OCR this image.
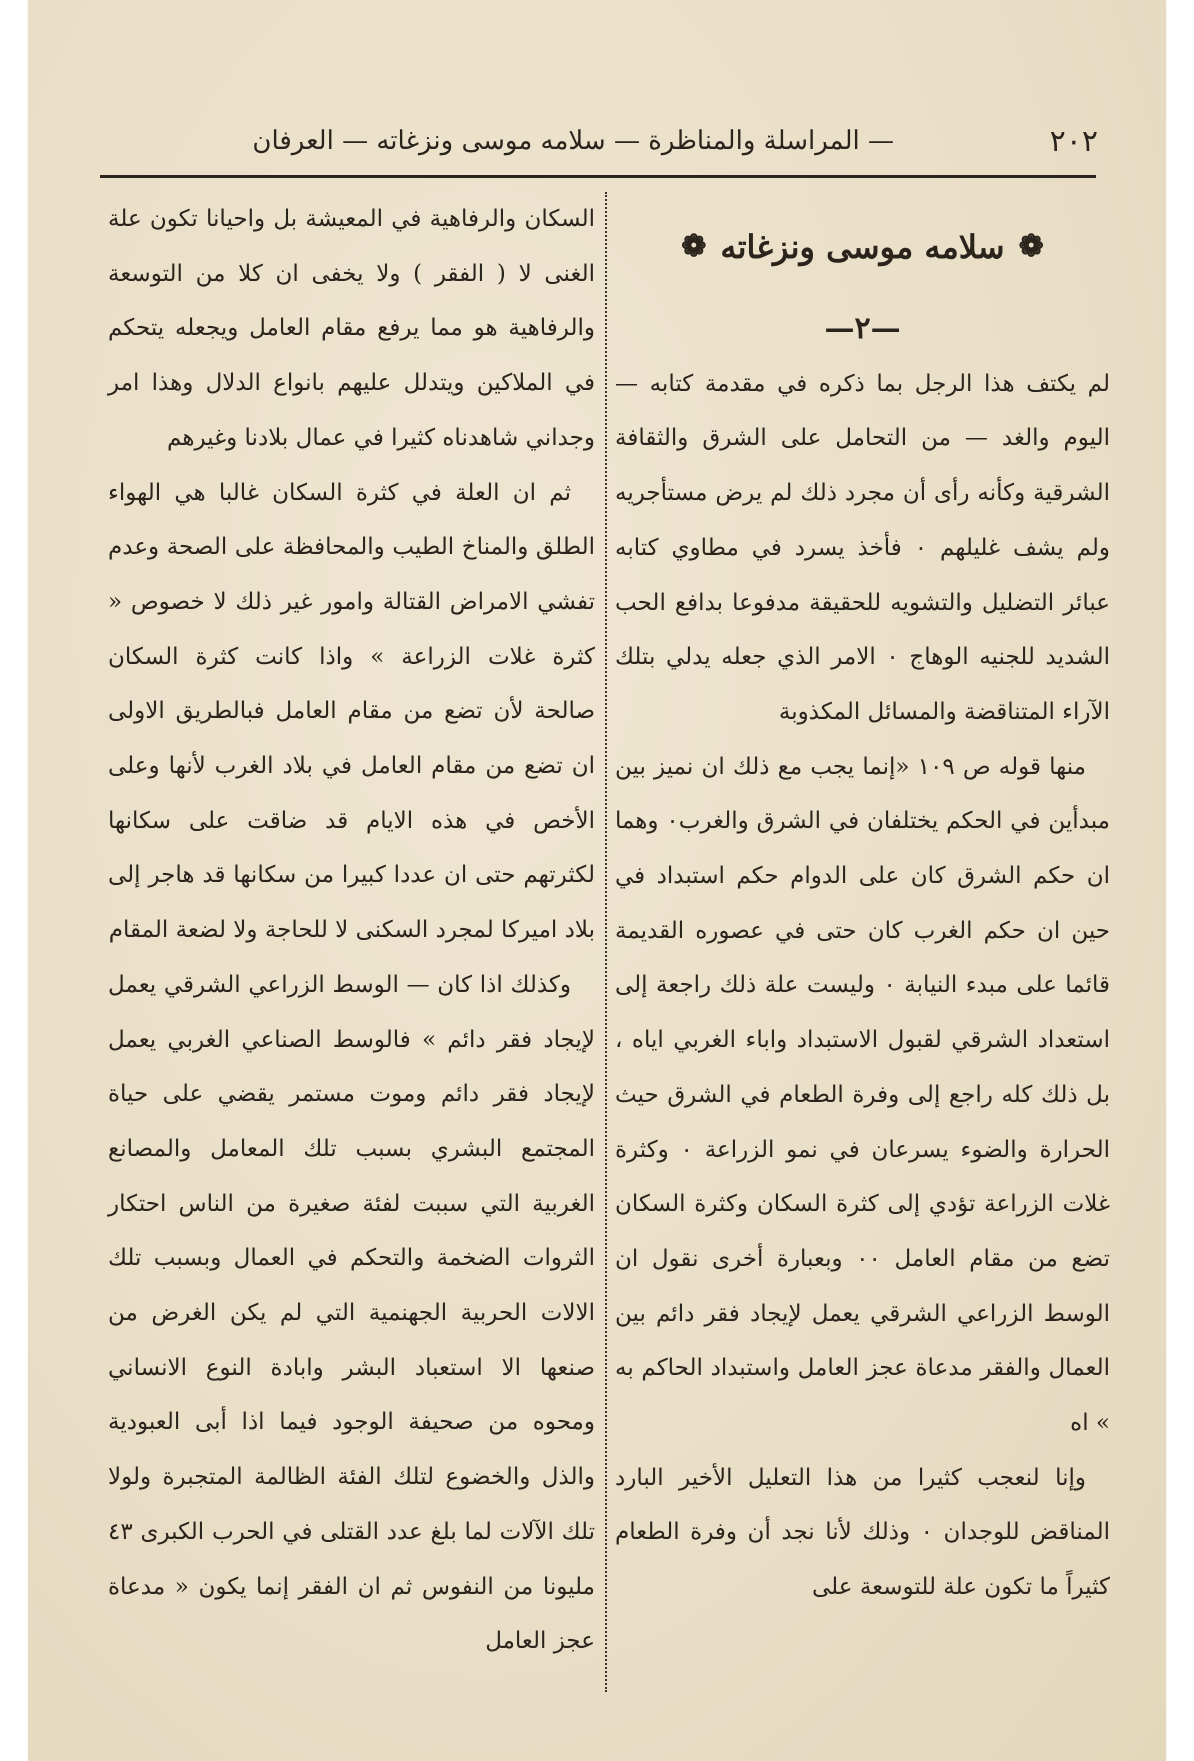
٢٠٢
— المراسلة والمناظرة — سلامه موسى ونزغاته — العرفان
❁
سلامه موسى ونزغاته
❁

—٢—

لم يكتف هذا الرجل بما ذكره في مقدمة كتابه — اليوم والغد — من التحامل على الشرق والثقافة الشرقية وكأنه رأى أن مجرد ذلك لم يرض مستأجريه ولم يشف غليلهم ٠ فأخذ يسرد في مطاوي كتابه عبائر التضليل والتشويه للحقيقة مدفوعا بدافع الحب الشديد للجنيه الوهاج ٠ الامر الذي جعله يدلي بتلك الآراء المتناقضة والمسائل المكذوبة

منها قوله ص ١٠٩ «إنما يجب مع ذلك ان نميز بين مبدأين في الحكم يختلفان في الشرق والغرب٠ وهما ان حكم الشرق كان على الدوام حكم استبداد في حين ان حكم الغرب كان حتى في عصوره القديمة قائما على مبدء النيابة ٠ وليست علة ذلك راجعة إلى استعداد الشرقي لقبول الاستبداد واباء الغربي اياه ، بل ذلك كله راجع إلى وفرة الطعام في الشرق حيث الحرارة والضوء يسرعان في نمو الزراعة ٠ وكثرة غلات الزراعة تؤدي إلى كثرة السكان وكثرة السكان تضع من مقام العامل ٠٠ وبعبارة أخرى نقول ان الوسط الزراعي الشرقي يعمل لإيجاد فقر دائم بين العمال والفقر مدعاة عجز العامل واستبداد الحاكم به » اه

وإنا لنعجب كثيرا من هذا التعليل الأخير البارد المناقض للوجدان ٠ وذلك لأنا نجد أن وفرة الطعام كثيراً ما تكون علة للتوسعة على

السكان والرفاهية في المعيشة بل واحيانا تكون علة الغنى لا ( الفقر ) ولا يخفى ان كلا من التوسعة والرفاهية هو مما يرفع مقام العامل ويجعله يتحكم في الملاكين ويتدلل عليهم بانواع الدلال وهذا امر وجداني شاهدناه كثيرا في عمال بلادنا وغيرهم

ثم ان العلة في كثرة السكان غالبا هي الهواء الطلق والمناخ الطيب والمحافظة على الصحة وعدم تفشي الامراض القتالة وامور غير ذلك لا خصوص « كثرة غلات الزراعة » واذا كانت كثرة السكان صالحة لأن تضع من مقام العامل فبالطريق الاولى ان تضع من مقام العامل في بلاد الغرب لأنها وعلى الأخص في هذه الايام قد ضاقت على سكانها لكثرتهم حتى ان عددا كبيرا من سكانها قد هاجر إلى بلاد اميركا لمجرد السكنى لا للحاجة ولا لضعة المقام

وكذلك اذا كان — الوسط الزراعي الشرقي يعمل لإيجاد فقر دائم » فالوسط الصناعي الغربي يعمل لإيجاد فقر دائم وموت مستمر يقضي على حياة المجتمع البشري بسبب تلك المعامل والمصانع الغربية التي سببت لفئة صغيرة من الناس احتكار الثروات الضخمة والتحكم في العمال وبسبب تلك الالات الحربية الجهنمية التي لم يكن الغرض من صنعها الا استعباد البشر وابادة النوع الانساني ومحوه من صحيفة الوجود فيما اذا أبى العبودية والذل والخضوع لتلك الفئة الظالمة المتجبرة ولولا تلك الآلات لما بلغ عدد القتلى في الحرب الكبرى ٤٣ مليونا من النفوس ثم ان الفقر إنما يكون « مدعاة عجز العامل
